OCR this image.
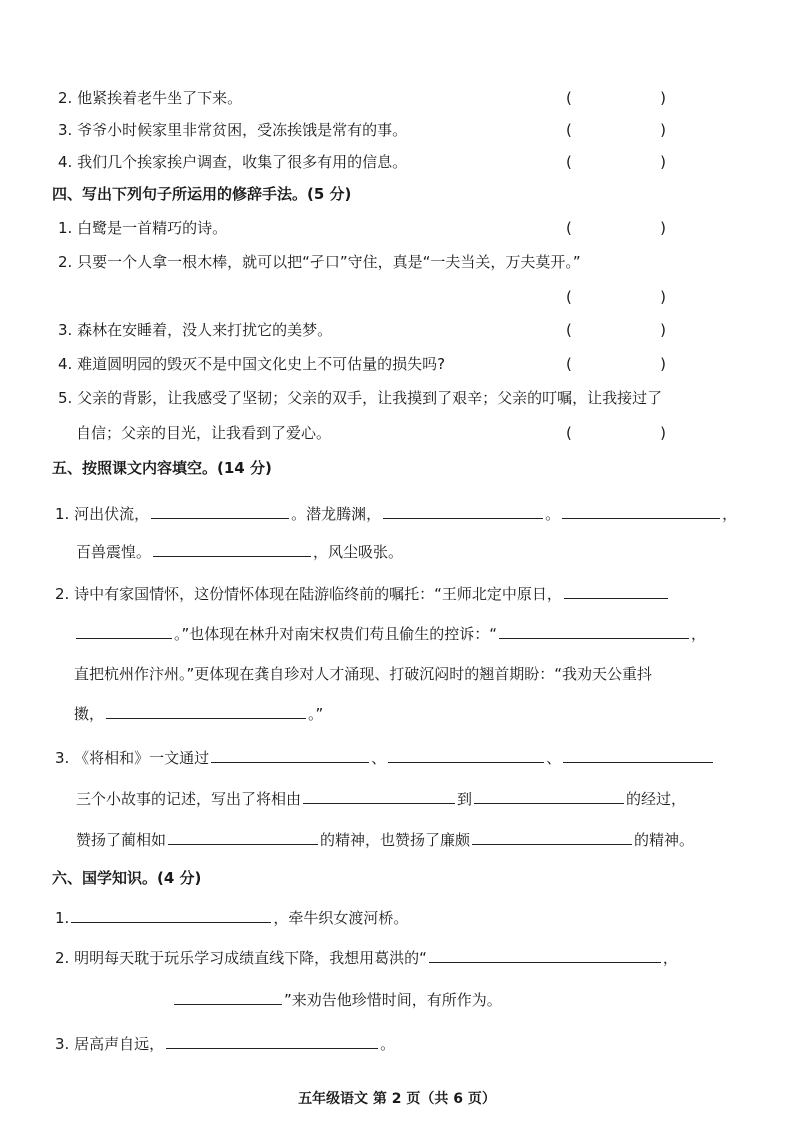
2. 他紧挨着老牛坐了下来。	(	)
3. 爷爷小时候家里非常贫困，受冻挨饿是常有的事。	(	)
4. 我们几个挨家挨户调查，收集了很多有用的信息。	(	)
四、写出下列句子所运用的修辞手法。(5 分)
1. 白鹭是一首精巧的诗。	(	)
2. 只要一个人拿一根木棒，就可以把“孑口”守住，真是“一夫当关，万夫莫开。”
(	)
3. 森林在安睡着，没人来打扰它的美梦。	(	)
4. 难道圆明园的毁灭不是中国文化史上不可估量的损失吗?	(	)
5. 父亲的背影，让我感受了坚韧；父亲的双手，让我摸到了艰辛；父亲的叮嘱，让我接过了
自信；父亲的目光，让我看到了爱心。	(	)
五、按照课文内容填空。(14 分)
1. 河出伏流，	。潜龙腾渊，	。	，
百兽震惶。	，风尘吸张。
2. 诗中有家国情怀，这份情怀体现在陆游临终前的嘱托：“王师北定中原日，
。”也体现在林升对南宋权贵们苟且偷生的控诉：“	，
直把杭州作汴州。”更体现在龚自珍对人才涌现、打破沉闷时的翘首期盼：“我劝天公重抖
擞，	。”
3. 《将相和》一文通过	、	、
三个小故事的记述，写出了将相由	到	的经过，
赞扬了蔺相如	的精神，也赞扬了廉颇	的精神。
六、国学知识。(4 分)
1.	，牵牛织女渡河桥。
2. 明明每天耽于玩乐学习成绩直线下降，我想用葛洪的“	，
”来劝告他珍惜时间，有所作为。
3. 居高声自远，	。
五年级语文 第 2 页（共 6 页）
